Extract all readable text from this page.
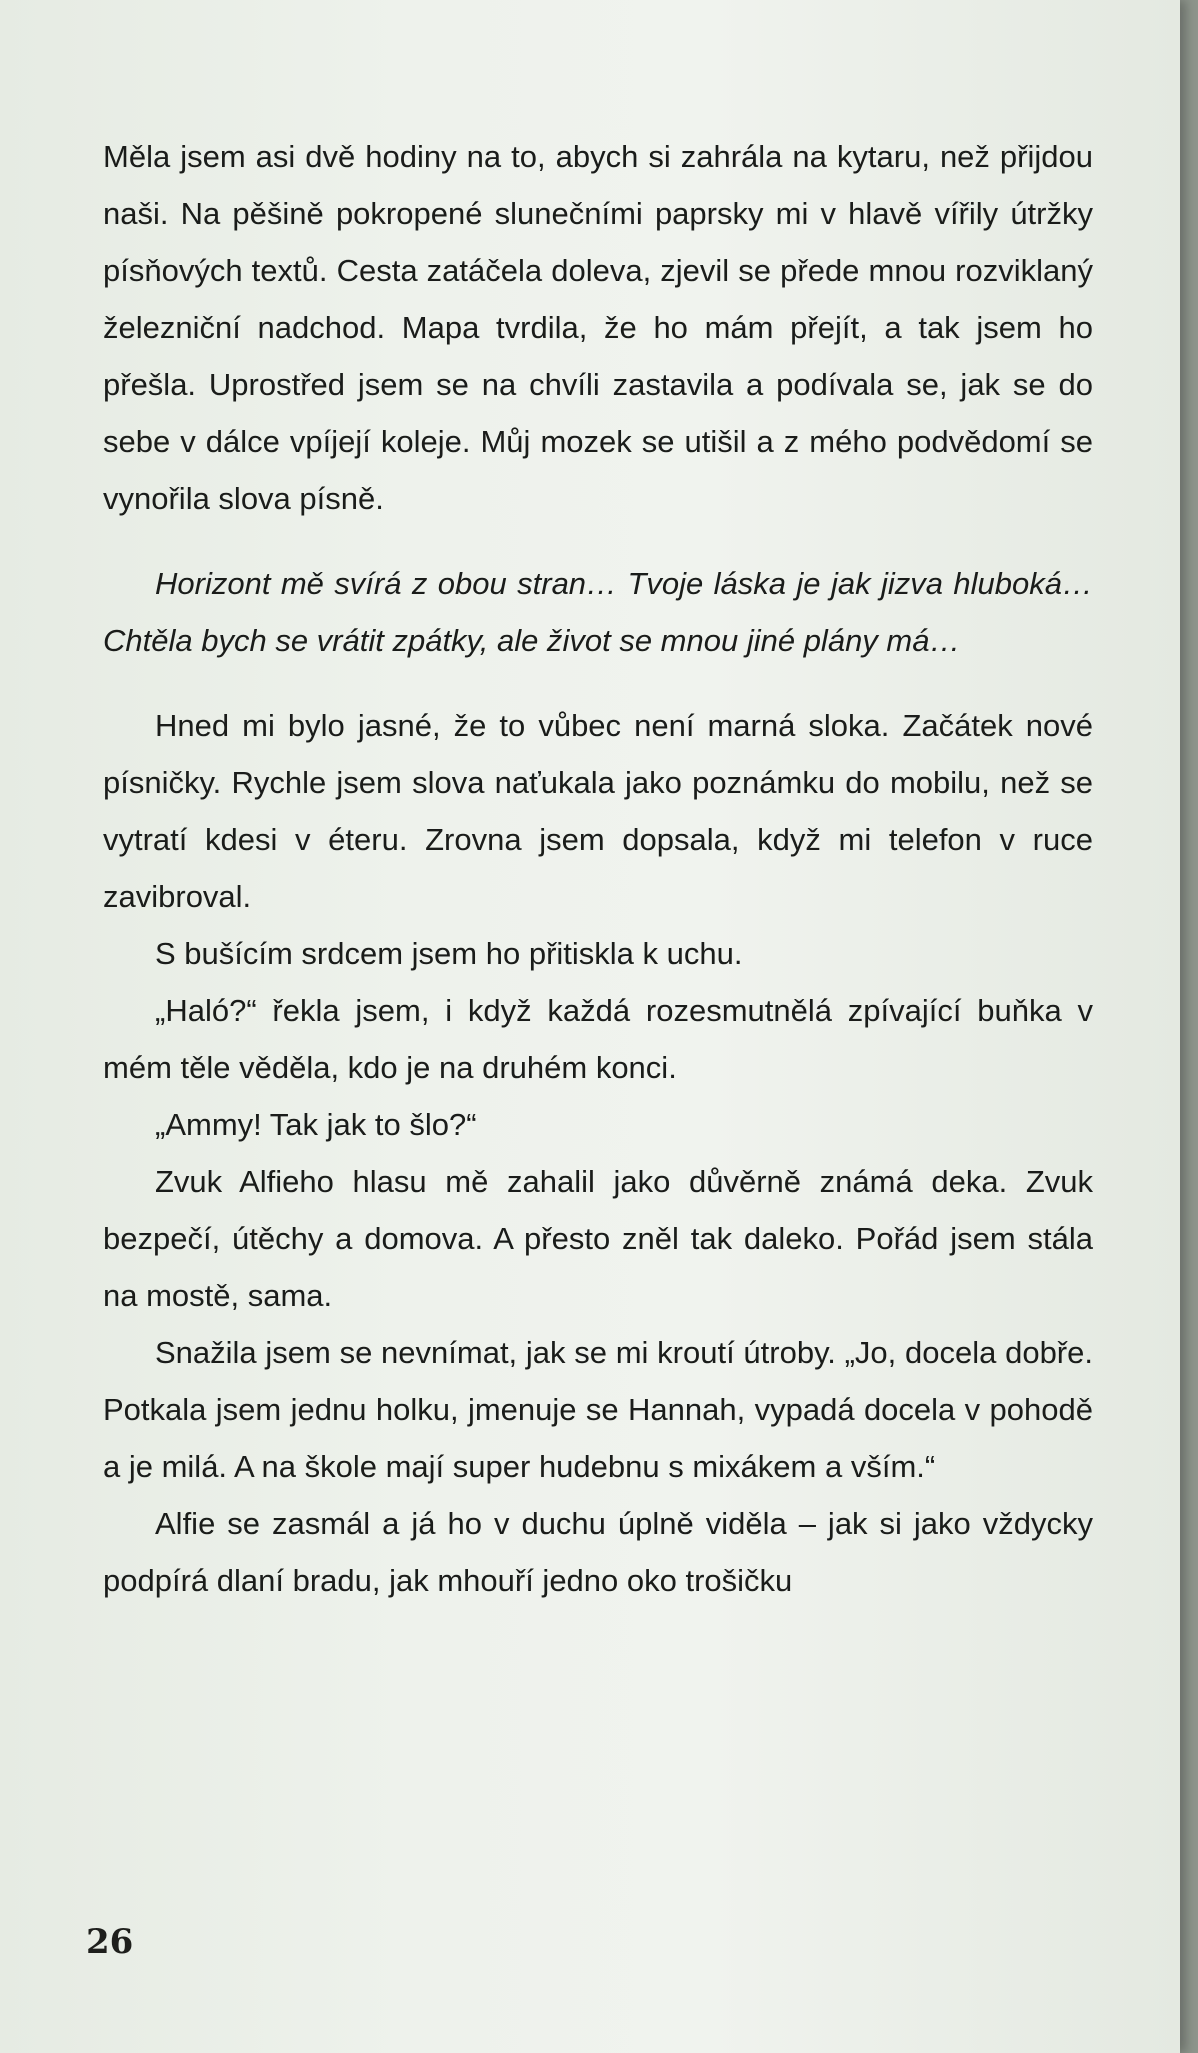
Měla jsem asi dvě hodiny na to, abych si zahrála na kytaru, než přijdou naši. Na pěšině pokropené slunečními paprsky mi v hlavě vířily útržky písňových textů. Cesta zatáčela doleva, zjevil se přede mnou rozviklaný železniční nadchod. Mapa tvrdila, že ho mám přejít, a tak jsem ho přešla. Uprostřed jsem se na chvíli zastavila a podívala se, jak se do sebe v dálce vpíjejí koleje. Můj mozek se utišil a z mého podvědomí se vynořila slova písně.

Horizont mě svírá z obou stran… Tvoje láska je jak jizva hluboká… Chtěla bych se vrátit zpátky, ale život se mnou jiné plány má…

Hned mi bylo jasné, že to vůbec není marná sloka. Začátek nové písničky. Rychle jsem slova naťukala jako poznámku do mobilu, než se vytratí kdesi v éteru. Zrovna jsem dopsala, když mi telefon v ruce zavibroval.

S bušícím srdcem jsem ho přitiskla k uchu.

„Haló?“ řekla jsem, i když každá rozesmutnělá zpívající buňka v mém těle věděla, kdo je na druhém konci.

„Ammy! Tak jak to šlo?“

Zvuk Alfieho hlasu mě zahalil jako důvěrně známá deka. Zvuk bezpečí, útěchy a domova. A přesto zněl tak daleko. Pořád jsem stála na mostě, sama.

Snažila jsem se nevnímat, jak se mi kroutí útroby. „Jo, docela dobře. Potkala jsem jednu holku, jmenuje se Hannah, vypadá docela v pohodě a je milá. A na škole mají super hudebnu s mixákem a vším.“

Alfie se zasmál a já ho v duchu úplně viděla – jak si jako vždycky podpírá dlaní bradu, jak mhouří jedno oko trošičku

26
